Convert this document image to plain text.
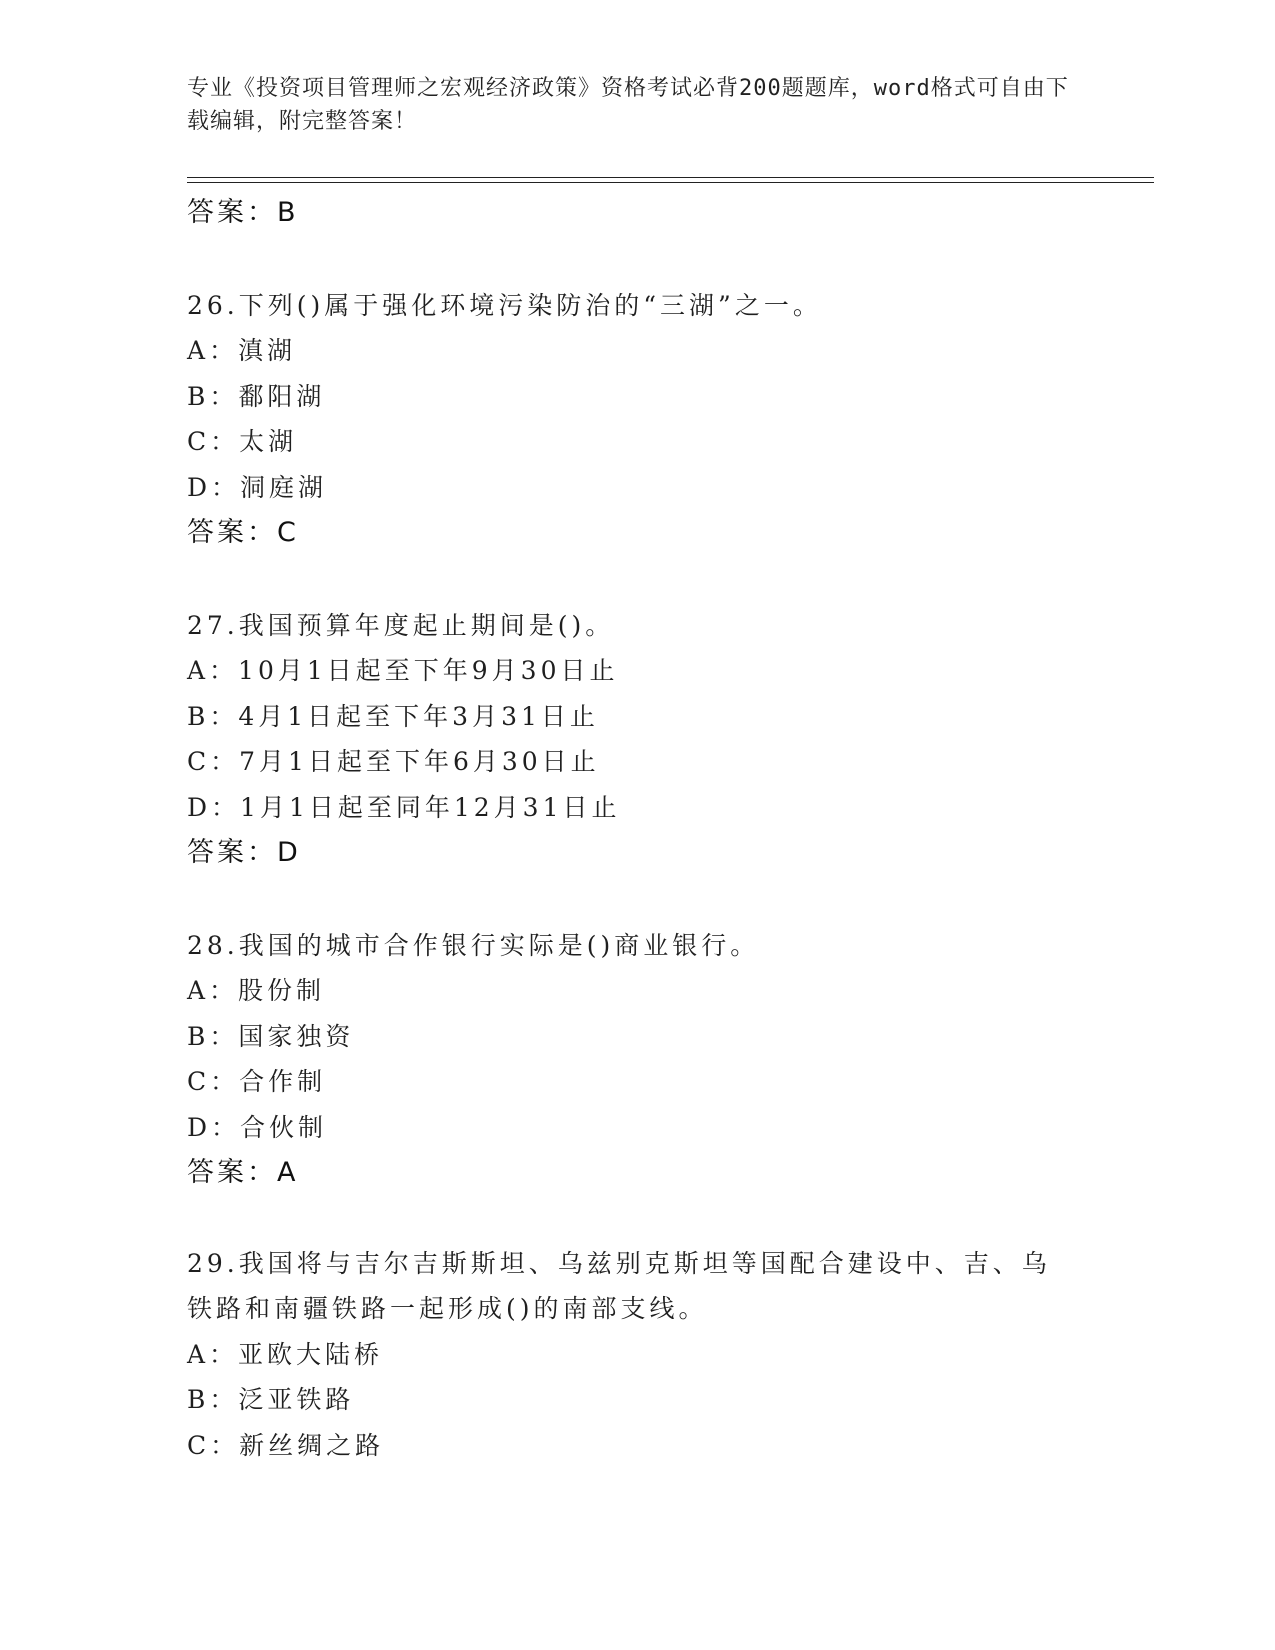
专业《投资项目管理师之宏观经济政策》资格考试必背200题题库，word格式可自由下载编辑，附完整答案！
答案：B
26.下列()属于强化环境污染防治的“三湖”之一。
A：滇湖
B：鄱阳湖
C：太湖
D：洞庭湖
答案：C
27.我国预算年度起止期间是()。
A：10月1日起至下年9月30日止
B：4月1日起至下年3月31日止
C：7月1日起至下年6月30日止
D：1月1日起至同年12月31日止
答案：D
28.我国的城市合作银行实际是()商业银行。
A：股份制
B：国家独资
C：合作制
D：合伙制
答案：A
29.我国将与吉尔吉斯斯坦、乌兹别克斯坦等国配合建设中、吉、乌铁路和南疆铁路一起形成()的南部支线。
A：亚欧大陆桥
B：泛亚铁路
C：新丝绸之路
